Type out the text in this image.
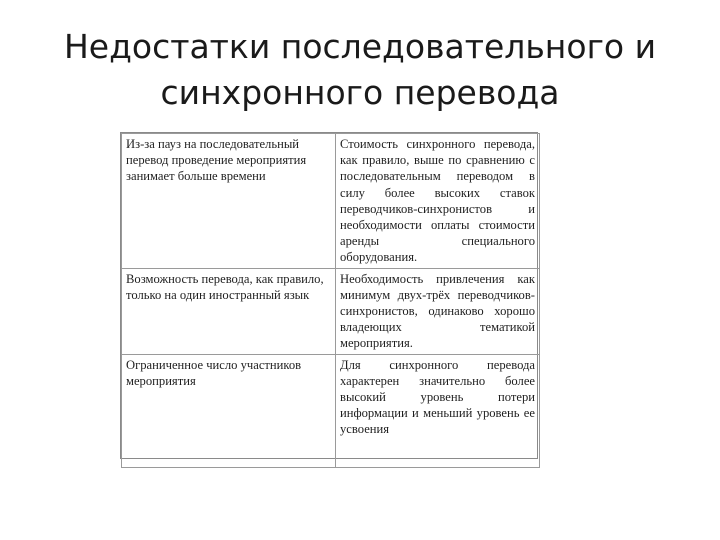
Недостатки последовательного и
синхронного перевода
Из-за пауз на последовательный перевод проведение мероприятия занимает больше времени	Стоимость синхронного перевода, как правило, выше по сравнению с последовательным переводом в силу более высоких ставок переводчиков-синхронистов и необходимости оплаты стоимости аренды специального оборудования.
Возможность перевода, как правило, только на один иностранный язык	Необходимость привлечения как минимум двух-трёх переводчиков-синхронистов, одинаково хорошо владеющих тематикой мероприятия.
Ограниченное число участников мероприятия	Для синхронного перевода характерен значительно более высокий уровень потери информации и меньший уровень ее усвоения
